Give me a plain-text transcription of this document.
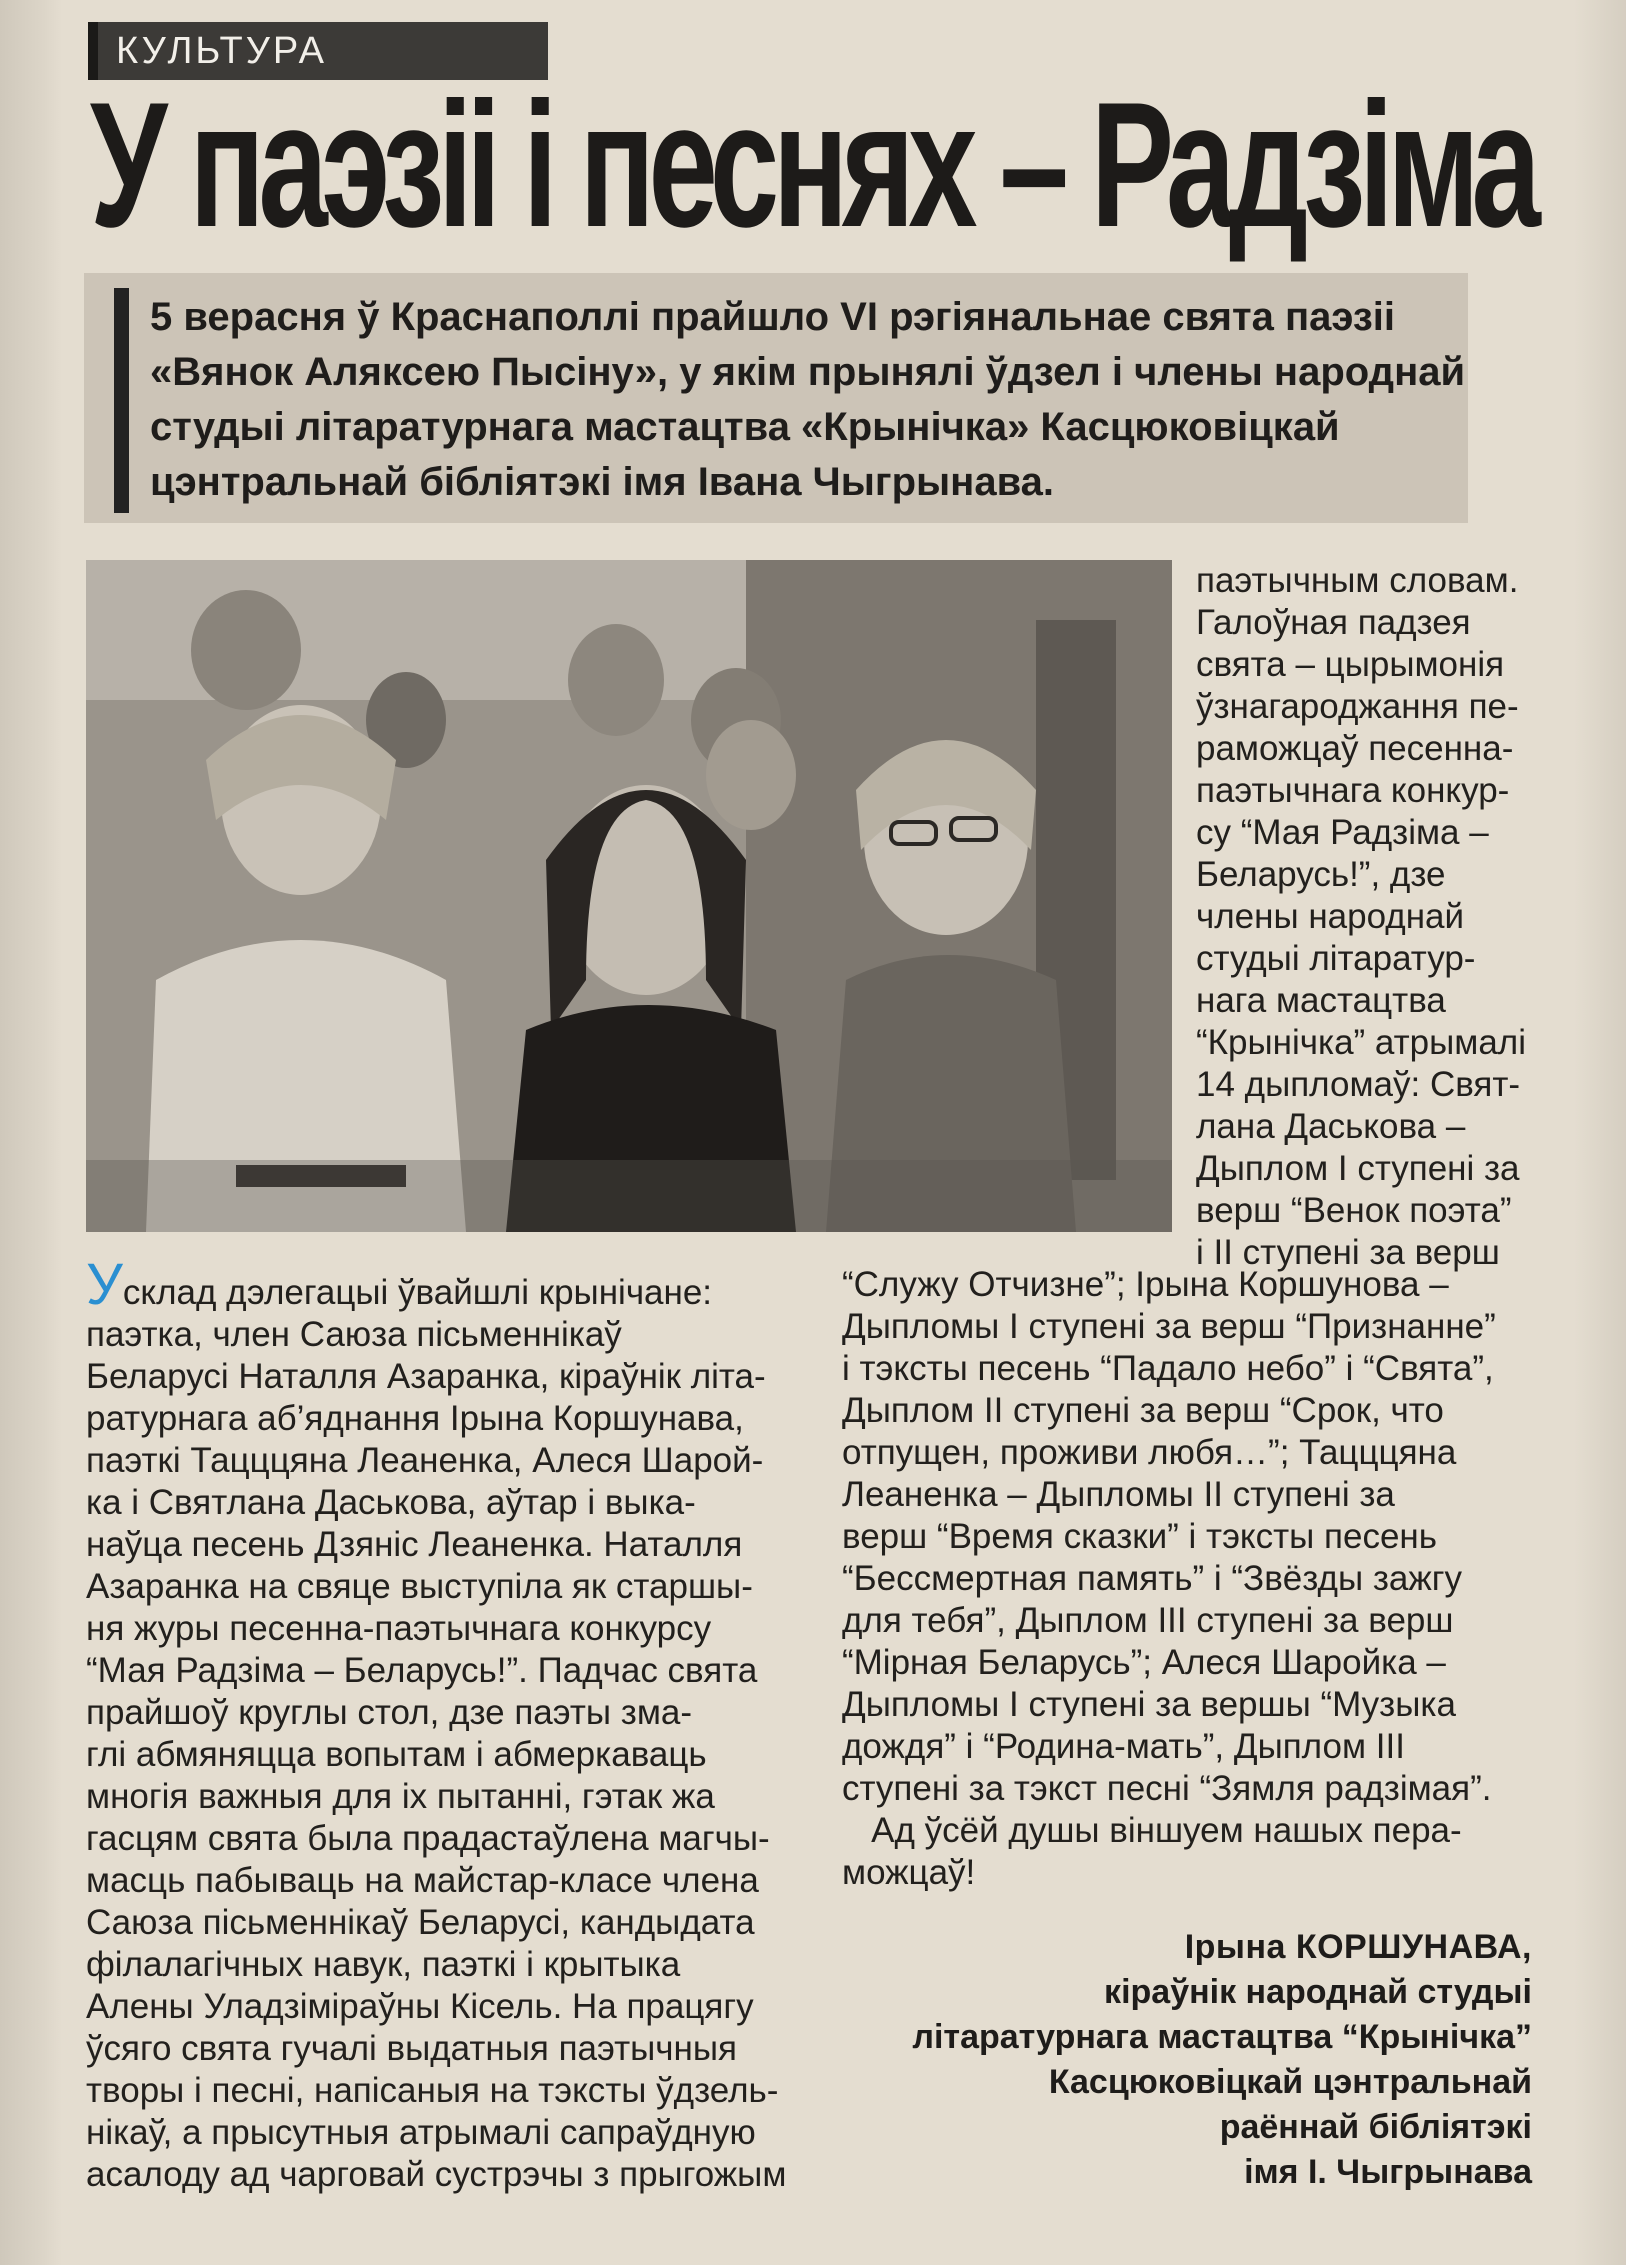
КУЛЬТУРА
У паэзіі і песнях – Радзіма
5 верасня ў Краснаполлі прайшло VI рэгіянальнае свята паэзіі
«Вянок Аляксею Пысіну», у якім прынялі ўдзел і члены народнай
студыі літаратурнага мастацтва «Крынічка» Касцюковіцкай
цэнтральнай бібліятэкі імя Івана Чыгрынава.
паэтычным словам.
Галоўная падзея
свята – цырымонія
ўзнагароджання пе-
раможцаў песенна-
паэтычнага конкур-
су “Мая Радзіма –
Беларусь!”, дзе
члены народнай
студыі літаратур-
нага мастацтва
“Крынічка” атрымалі
14 дыпломаў: Свят-
лана Даськова –
Дыплом I ступені за
верш “Венок поэта”
і II ступені за верш
Усклад дэлегацыі ўвайшлі крынічане:
паэтка, член Саюза пісьменнікаў
Беларусі Наталля Азаранка, кіраўнік літа-
ратурнага аб’яднання Ірына Коршунава,
паэткі Тацццяна Леаненка, Алеся Шарой-
ка і Святлана Даськова, аўтар і выка-
наўца песень Дзяніс Леаненка. Наталля
Азаранка на свяце выступіла як старшы-
ня журы песенна-паэтычнага конкурсу
“Мая Радзіма – Беларусь!”. Падчас свята
прайшоў круглы стол, дзе паэты зма-
глі абмяняцца вопытам і абмеркаваць
многія важныя для іх пытанні, гэтак жа
гасцям свята была прадастаўлена магчы-
масць пабываць на майстар-класе члена
Саюза пісьменнікаў Беларусі, кандыдата
філалагічных навук, паэткі і крытыка
Алены Уладзіміраўны Кісель. На працягу
ўсяго свята гучалі выдатныя паэтычныя
творы і песні, напісаныя на тэксты ўдзель-
нікаў, а прысутныя атрымалі сапраўдную
асалоду ад чарговай сустрэчы з прыгожым
“Служу Отчизне”; Ірына Коршунова –
Дыпломы I ступені за верш “Признанне”
і тэксты песень “Падало небо” і “Свята”,
Дыплом II ступені за верш “Срок, что
отпущен, проживи любя…”; Тацццяна
Леаненка – Дыпломы II ступені за
верш “Время сказки” і тэксты песень
“Бессмертная память” і “Звёзды зажгу
для тебя”, Дыплом III ступені за верш
“Мірная Беларусь”; Алеся Шаройка –
Дыпломы I ступені за вершы “Музыка
дождя” і “Родина-мать”, Дыплом III
ступені за тэкст песні “Зямля радзімая”.
Ад ўсёй душы віншуем нашых пера-
можцаў!
Ірына КОРШУНАВА,
кіраўнік народнай студыі
літаратурнага мастацтва “Крынічка”
Касцюковіцкай цэнтральнай
раённай бібліятэкі
імя І. Чыгрынава
